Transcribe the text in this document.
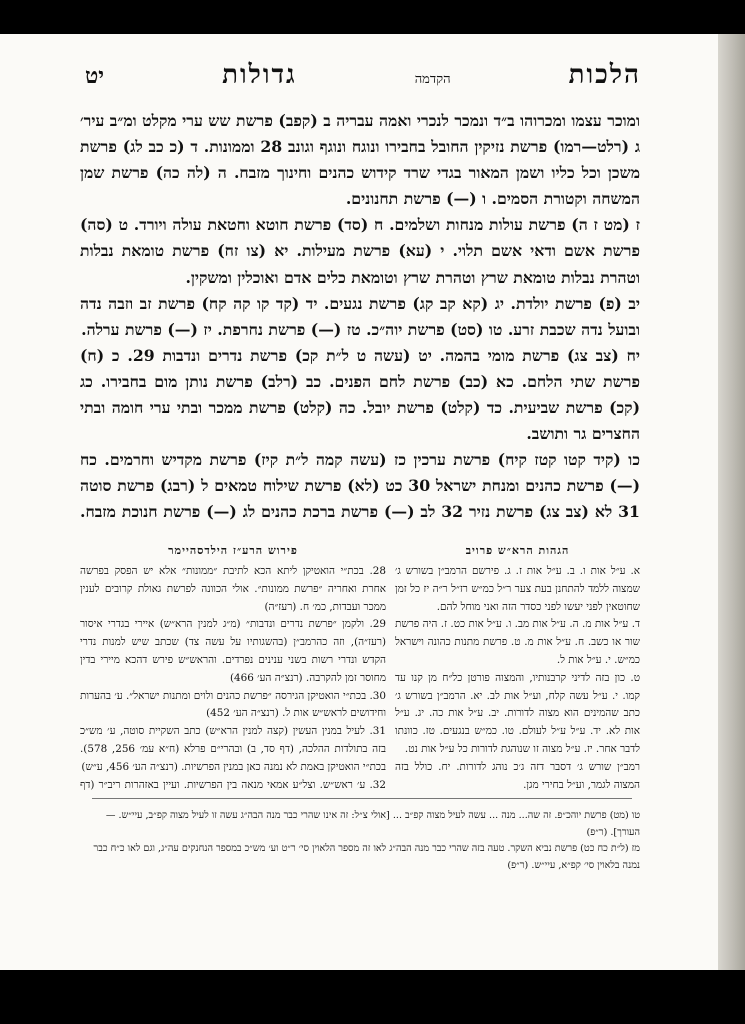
הלכות
הקדמה
גדולות
יט

ומוכר עצמו ומכרוהו ב״ד ונמכר לנכרי ואמה עבריה ב (קפב) פרשת שש ערי מקלט ומ״ב עיר׳ ג (רלט—רמו) פרשת נזיקין החובל בחבירו ונוגח ונוגף וגונב 28 וממונות. ד (כ כב לג) פרשת משכן וכל כליו ושמן המאור בגדי שרד קידוש כהנים וחינוך מזבח. ה (לה כה) פרשת שמן המשחה וקטורת הסמים. ו (—) פרשת תחנונים.

ז (מט ז ה) פרשת עולות מנחות ושלמים. ח (סד) פרשת חוטא וחטאת עולה ויורד. ט (סה) פרשת אשם ודאי אשם תלוי. י (עא) פרשת מעילות. יא (צו זח) פרשת טומאת נבלות וטהרת נבלות טומאת שרץ וטהרת שרץ וטומאת כלים אדם ואוכלין ומשקין.

יב (פ) פרשת יולדת. יג (קא קב קג) פרשת נגעים. יד (קד קו קה קח) פרשת זב וזבה נדה ובועל נדה שכבת זרע. טו (סט) פרשת יוה״כ. טז (—) פרשת נחרפת. יז (—) פרשת ערלה.

יח (צב צג) פרשת מומי בהמה. יט (עשה ט ל״ת קכ) פרשת נדרים ונדבות 29. כ (ח) פרשת שתי הלחם. כא (כב) פרשת לחם הפנים. כב (רלב) פרשת נותן מום בחבירו. כג (קכ) פרשת שביעית. כד (קלט) פרשת יובל. כה (קלט) פרשת ממכר ובתי ערי חומה ובתי החצרים גר ותושב.

כו (קיד קטו קטז קיח) פרשת ערכין כז (עשה קמה ל״ת קיז) פרשת מקדיש וחרמים. כח (—) פרשת כהנים ומנחת ישראל 30 כט (לא) פרשת שילוח טמאים ל (רבג) פרשת סוטה 31 לא (צב צג) פרשת נזיר 32 לב (—) פרשת ברכת כהנים לג (—) פרשת חנוכת מזבח.

הגהות הרא״ש פרויב

א. ע״ל אות ו. ב. ע״ל אות ז. ג. פירשם הרמב״ן בשורש ג׳ שמצוה ללמד להתחנן בעת צער ר״ל כמ״ש רז״ל ר״ה יז כל זמן שחוטאין לפני יעשו לפני כסדר הזה ואני מוחל להם.

ד. ע״ל אות מ. ה. ע״ל אות מב. ו. ע״ל אות כט. ז. היה פרשת שור או כשב. ח. ע״ל אות מ. ט. פרשת מתנות כהונה וישראל כמ״ש. י. ע״ל אות ל.

ט. כון בזה לדיני קרבנותיו, והמצוה פורטן כל״ח מן קנו עד קמו. י. ע״ל עשה קלח, וע״ל אות לב. יא. הרמב״ן בשורש ג׳ כתב שהמינים הוא מצוה לדורות. יב. ע״ל אות כה. יג. ע״ל אות לא. יד. ע״ל ע״ל לעולם. טו. כמ״ש בנגעים. טז. כוונתו לדבר אחר. יז. ע״ל מצוה זו שנוהגת לדורות כל ע״ל אות נט.

רמב״ן שורש ג׳ דסבר דזה ג׳כ נוהג לדורות. יח. כולל בזה המצוה לגמר, וע״ל בחירי מגן.

פירוש הרע״ז הילדסהיימר

28. בכת״י הואטיקן ליתא הכא לתיבת ״ממונות״ אלא יש הפסק בפרשה אחרת ואחריה ״פרשת ממונות״. אולי הכוונה לפרשת גאולת קרובים לענין ממכר ועבדות, כמ׳ ח. (רעז״ה)

29. ולקמן ״פרשת נדרים ונדבות״ (מ״ג למנין הרא״ש) איירי בגדרי איסור (רעז״ה), וזה כהרמב״ן (בהשגותיו על עשה צד) שכתב שיש למנות נדרי הקדש ונדרי רשות בשני ענינים נפרדים. והראש״ש פירש דהכא מיירי בדין מחוסר זמן להקרבה. (רנצ״ה הע׳ 466)

30. בכת״י הואטיקן הגירסה ״פרשת כהנים ולוים ומתנות ישראל״. ע׳ בהערות וחידושים לראש״ש אות ל. (רנצ״ה הע׳ 452)

31. לעיל במנין העשין (קצה למנין הרא״ש) כתב השקיית סוטה, ע׳ מש״כ בזה בתולדות ההלכה, (דף סד, ב) ובהרי״ם פרלא (ח״א עמ׳ 256, 578). בכת״י הואטיקן באמת לא נמנה כאן במנין הפרשיות. (רנצ״ה הע׳ 456, ע״ש)

32. ע׳ ראש״ש. וצל״ע אמאי מנאה בין הפרשיות. ועיין באזהרות ריב״ר (דף

טו (מט) פרשת יוהכ״פ. זה שה... מנה ... עשה לעיל מצוה קפ״ב ... [אולי צ״ל: זה אינו שהרי כבר מנה הבה״ג עשה זו לעיל מצוה קפ״ב, עיי״ש. — העורך]. (ר״פ)

מז (ל״ת כח כט) פרשת נביא השקר. טעה בזה שהרי כבר מנה הבה״ג לאו זה מספר הלאוין סי׳ ר״ט וע׳ מש״כ במספר הנחנקים עה״ג, וגם לאו כ״ח כבר נמנה בלאוין סי׳ קפ״א, עיי״ש. (ר״פ)
